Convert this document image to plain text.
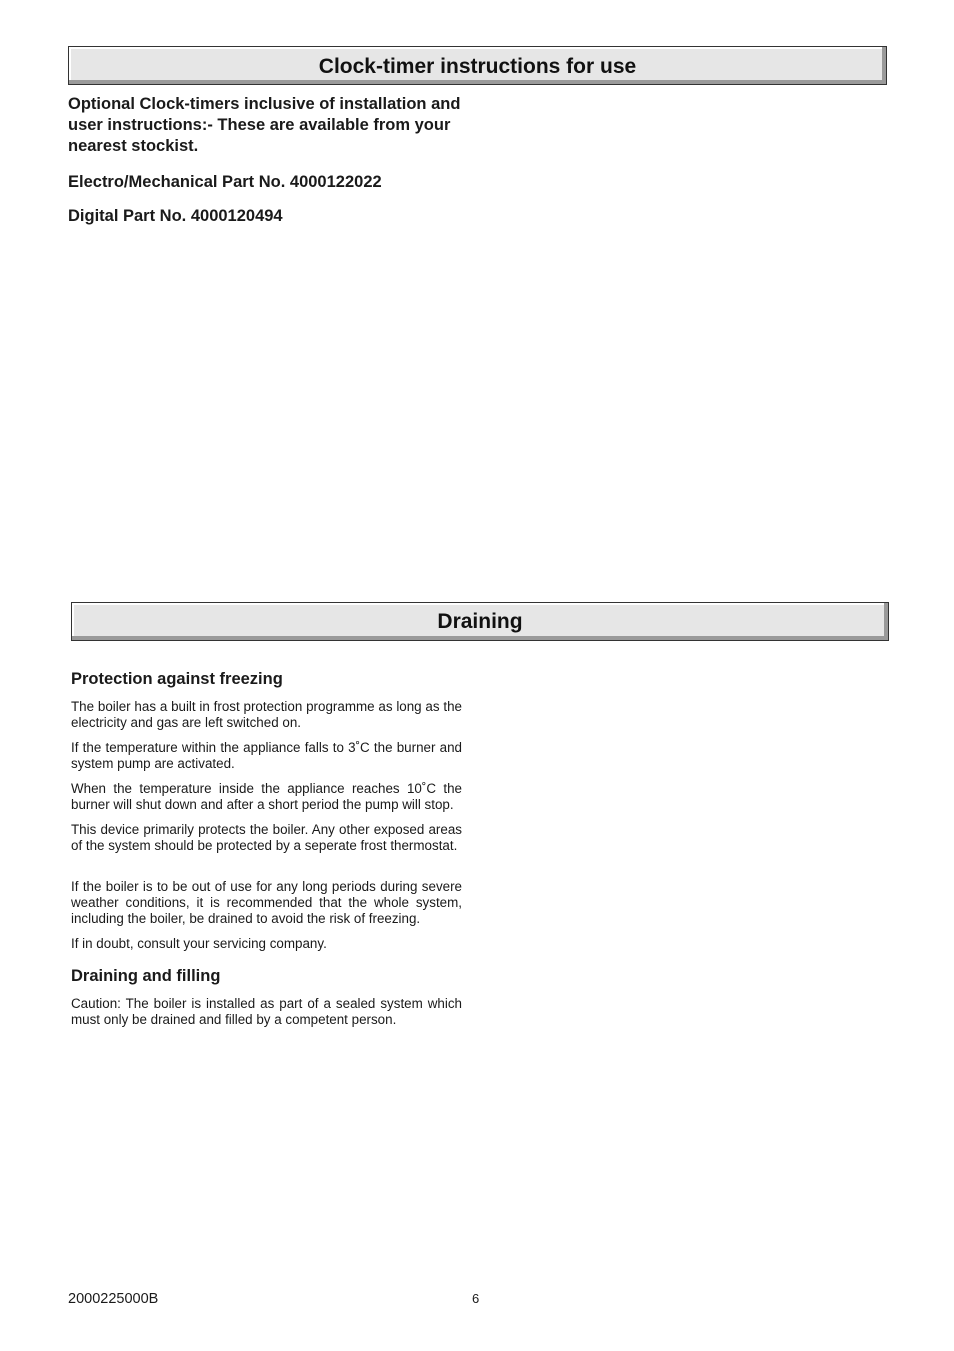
Clock-timer instructions for use

Optional Clock-timers inclusive of installation and user instructions:- These are available from your nearest stockist.

Electro/Mechanical Part No. 4000122022

Digital Part No. 4000120494

Draining
Protection against freezing

The boiler has a built in frost protection programme as long as the electricity and gas are left switched on.

If the temperature within the appliance falls to 3˚C the burner and system pump are activated.

When the temperature inside the appliance reaches 10˚C the burner will shut down and after a short period the pump will stop.

This device primarily protects the boiler. Any other exposed areas of the system should be protected by a seperate frost thermostat.

If the boiler is to be out of use for any long periods during severe weather conditions, it is recommended that the whole system, including the boiler, be drained to avoid the risk of freezing.

If in doubt, consult your servicing company.

Draining and filling

Caution: The boiler is installed as part of a sealed system which must only be drained and filled by a competent person.

2000225000B	6
